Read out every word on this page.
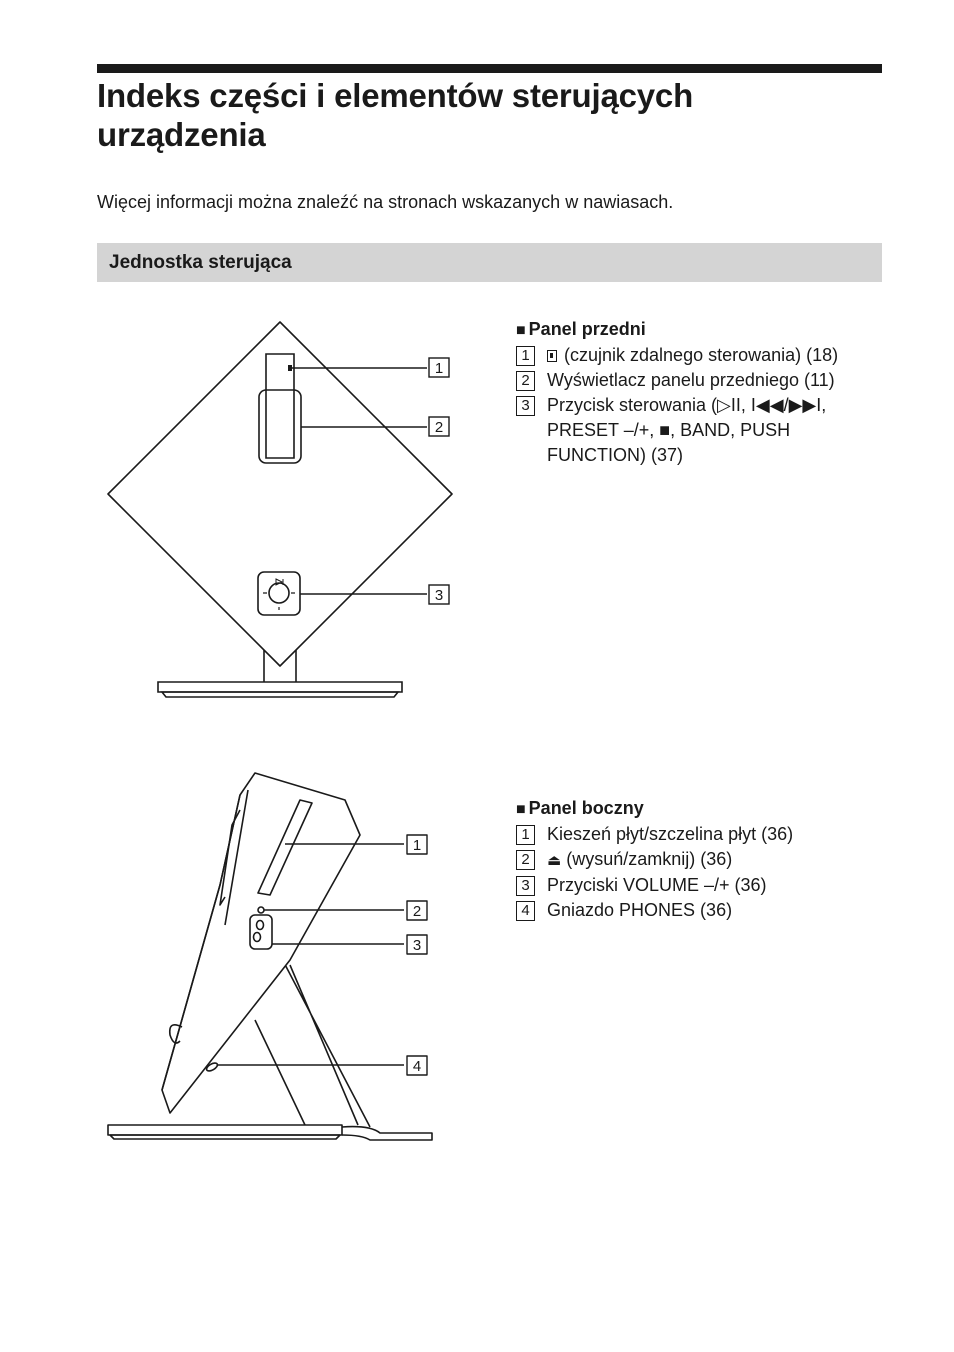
Indeks części i elementów sterujących
urządzenia
Więcej informacji można znaleźć na stronach wskazanych w nawiasach.
Jednostka sterująca
1
2
3
■ Panel przedni
1 (czujnik zdalnego sterowania) (18)
2 Wyświetlacz panelu przedniego (11)
3 Przycisk sterowania (▷II, I◀◀/▶▶I, PRESET –/+, ■, BAND, PUSH FUNCTION) (37)
1
2
3
4
■ Panel boczny
1 Kieszeń płyt/szczelina płyt (36)
2	⏏ (wysuń/zamknij) (36)
3 Przyciski VOLUME –/+ (36)
4 Gniazdo PHONES (36)
